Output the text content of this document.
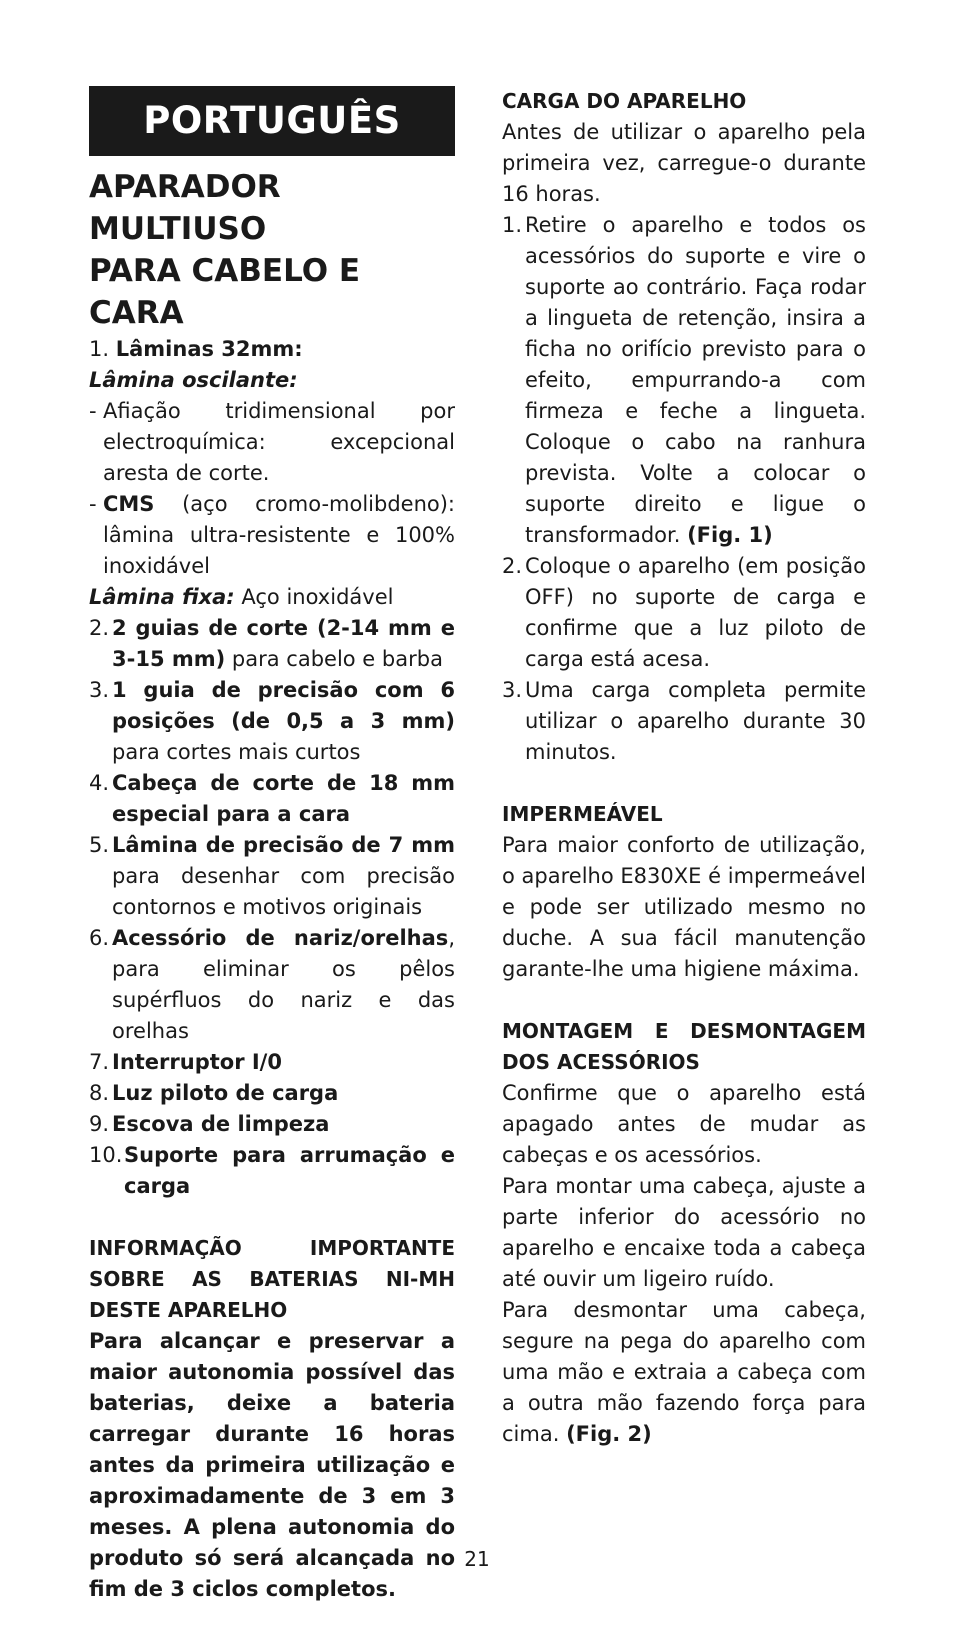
PORTUGUÊS
APARADOR MULTIUSO
PARA CABELO E CARA
1. Lâminas 32mm:
Lâmina oscilante:
- Afiação tridimensional por electroquímica: excepcional aresta de corte.
- CMS (aço cromo-molibdeno): lâmina ultra-resistente e 100% inoxidável
Lâmina fixa: Aço inoxidável
2. 2 guias de corte (2-14 mm e 3-15 mm) para cabelo e barba
3. 1 guia de precisão com 6 posições (de 0,5 a 3 mm) para cortes mais curtos
4. Cabeça de corte de 18 mm especial para a cara
5. Lâmina de precisão de 7 mm para desenhar com precisão contornos e motivos originais
6. Acessório de nariz/orelhas, para eliminar os pêlos supérfluos do nariz e das orelhas
7. Interruptor I/0
8. Luz piloto de carga
9. Escova de limpeza
10. Suporte para arrumação e carga
INFORMAÇÃO IMPORTANTE SOBRE AS BATERIAS NI-MH DESTE APARELHO
Para alcançar e preservar a maior autonomia possível das baterias, deixe a bateria carregar durante 16 horas antes da primeira utilização e aproximadamente de 3 em 3 meses. A plena autonomia do produto só será alcançada no fim de 3 ciclos completos.
CARGA DO APARELHO
Antes de utilizar o aparelho pela primeira vez, carregue-o durante 16 horas.
1. Retire o aparelho e todos os acessórios do suporte e vire o suporte ao contrário. Faça rodar a lingueta de retenção, insira a ficha no orifício previsto para o efeito, empurrando-a com firmeza e feche a lingueta. Coloque o cabo na ranhura prevista. Volte a colocar o suporte direito e ligue o transformador. (Fig. 1)
2. Coloque o aparelho (em posição OFF) no suporte de carga e confirme que a luz piloto de carga está acesa.
3. Uma carga completa permite utilizar o aparelho durante 30 minutos.
IMPERMEÁVEL
Para maior conforto de utilização, o aparelho E830XE é impermeável e pode ser utilizado mesmo no duche. A sua fácil manutenção garante-lhe uma higiene máxima.
MONTAGEM E DESMONTAGEM DOS ACESSÓRIOS
Confirme que o aparelho está apagado antes de mudar as cabeças e os acessórios.
Para montar uma cabeça, ajuste a parte inferior do acessório no aparelho e encaixe toda a cabeça até ouvir um ligeiro ruído.
Para desmontar uma cabeça, segure na pega do aparelho com uma mão e extraia a cabeça com a outra mão fazendo força para cima. (Fig. 2)
21
